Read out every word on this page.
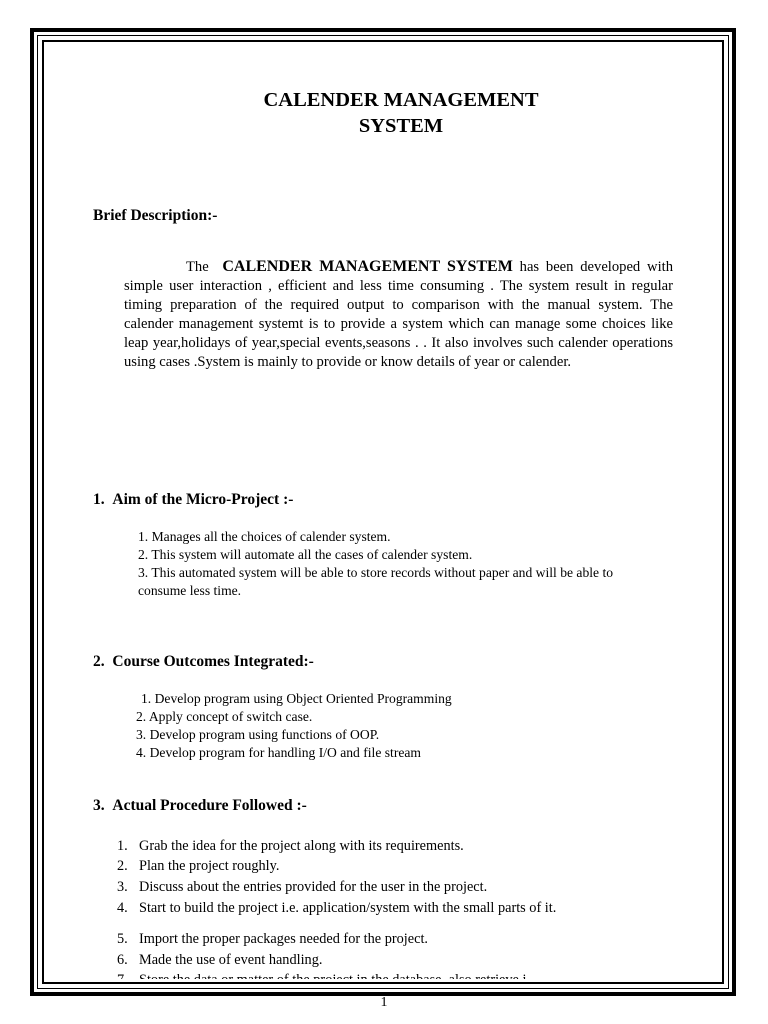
CALENDER MANAGEMENT
SYSTEM
Brief Description:-
The CALENDER MANAGEMENT SYSTEM has been developed with simple user interaction , efficient and less time consuming . The system result in regular timing preparation of the required output to comparison with the manual system. The calender management systemt is to provide a system which can manage some choices like leap year,holidays of year,special events,seasons . . It also involves such calender operations using cases .System is mainly to provide or know details of year or calender.
1. Aim of the Micro-Project :-
1. Manages all the choices of calender system.
2. This system will automate all the cases of calender system.
3. This automated system will be able to store records without paper and will be able to
consume less time.
2. Course Outcomes Integrated:-
1. Develop program using Object Oriented Programming
2. Apply concept of switch case.
3. Develop program using functions of OOP.
4. Develop program for handling I/O and file stream
3. Actual Procedure Followed :-
1. Grab the idea for the project along with its requirements.
2. Plan the project roughly.
3. Discuss about the entries provided for the user in the project.
4. Start to build the project i.e. application/system with the small parts of it.
5. Import the proper packages needed for the project.
6. Made the use of event handling.
1
